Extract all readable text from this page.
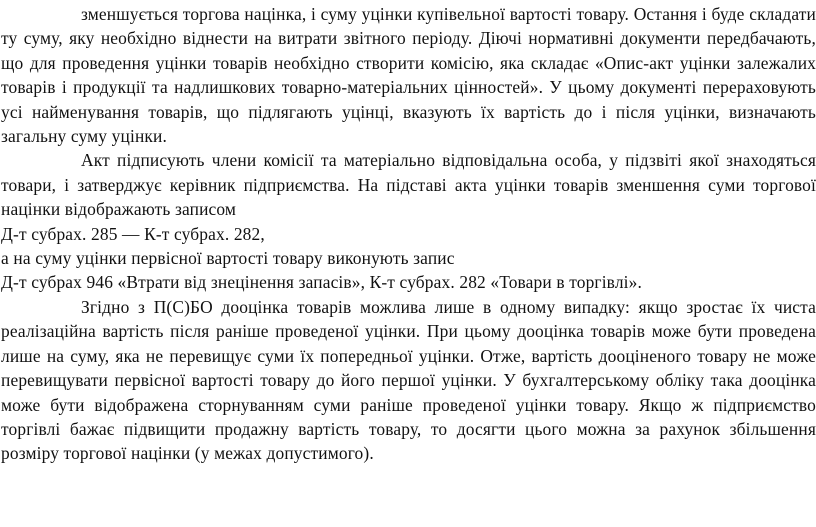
зменшується торгова націнка, і суму уцінки купівельної вартості товару. Остання і буде складати ту суму, яку необхідно віднести на витрати звітного періоду. Діючі нормативні документи передбачають, що для проведення уцінки товарів необхідно створити комісію, яка складає «Опис-акт уцінки залежалих товарів і продукції та надлишкових товарно-матеріальних цінностей». У цьому документі перераховують усі найменування товарів, що підлягають уцінці, вказують їх вартість до і після уцінки, визначають загальну суму уцінки.

Акт підписують члени комісії та матеріально відповідальна особа, у підзвіті якої знаходяться товари, і затверджує керівник підприємства. На підставі акта уцінки товарів зменшення суми торгової націнки відображають записом

Д-т субрах. 285 — К-т субрах. 282,

а на суму уцінки первісної вартості товару виконують запис

Д-т субрах 946 «Втрати від знецінення запасів», К-т субрах. 282 «Товари в торгівлі».

Згідно з П(С)БО дооцінка товарів можлива лише в одному випадку: якщо зростає їх чиста реалізаційна вартість після раніше проведеної уцінки. При цьому дооцінка товарів може бути проведена лише на суму, яка не перевищує суми їх попередньої уцінки. Отже, вартість дооціненого товару не може перевищувати первісної вартості товару до його першої уцінки. У бухгалтерському обліку така дооцінка може бути відображена сторнуванням суми раніше проведеної уцінки товару. Якщо ж підприємство торгівлі бажає підвищити продажну вартість товару, то досягти цього можна за рахунок збільшення розміру торгової націнки (у межах допустимого).
